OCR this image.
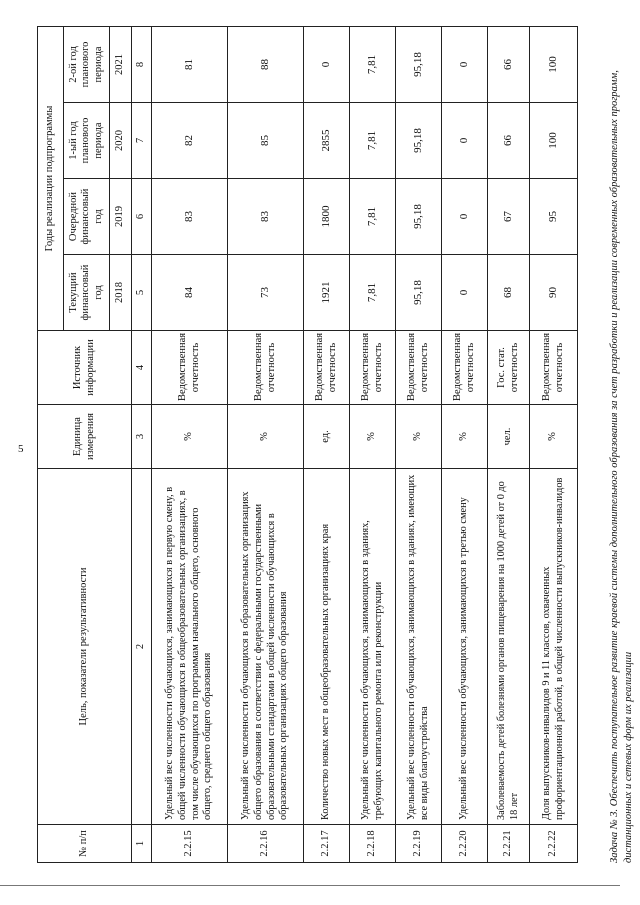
5
№ п/п	Цель, показатели результативности	Единица измерения	Источник информации	Годы реализации подпрограммы			
				Текущий финансовый год	Очередной финансовый год	1-ый год планового периода	2-ой год планового периода
				2018	2019	2020	2021
1	2	3	4	5	6	7	8
2.2.15	Удельный вес численности обучающихся, занимающихся в первую смену, в общей численности обучающихся в общеобразовательных организациях, в том числе обучающихся по программам начального общего, основного общего, среднего общего образования	%	Ведомственная отчетность	84	83	82	81
2.2.16	Удельный вес численности обучающихся в образовательных организациях общего образования в соответствии с федеральными государственными образовательными стандартами в общей численности обучающихся в образовательных организациях общего образования	%	Ведомственная отчетность	73	83	85	88
2.2.17	Количество новых мест в общеобразовательных организациях края	ед.	Ведомственная отчетность	1921	1800	2855	0
2.2.18	Удельный вес численности обучающихся, занимающихся в зданиях, требующих капитального ремонта или реконструкции	%	Ведомственная отчетность	7,81	7,81	7,81	7,81
2.2.19	Удельный вес численности обучающихся, занимающихся в зданиях, имеющих все виды благоустройства	%	Ведомственная отчетность	95,18	95,18	95,18	95,18
2.2.20	Удельный вес численности обучающихся, занимающихся в третью смену	%	Ведомственная отчетность	0	0	0	0
2.2.21	Заболеваемость детей болезнями органов пищеварения на 1000 детей от 0 до 18 лет	чел.	Гос. стат. отчетность	68	67	66	66
2.2.22	Доля выпускников-инвалидов 9 и 11 классов, охваченных профориентационной работой, в общей численности выпускников-инвалидов	%	Ведомственная отчетность	90	95	100	100
Задача № 3. Обеспечить поступательное развитие краевой системы дополнительного образования за счет разработки и реализации современных образовательных программ, дистанционных и сетевых форм их реализации
